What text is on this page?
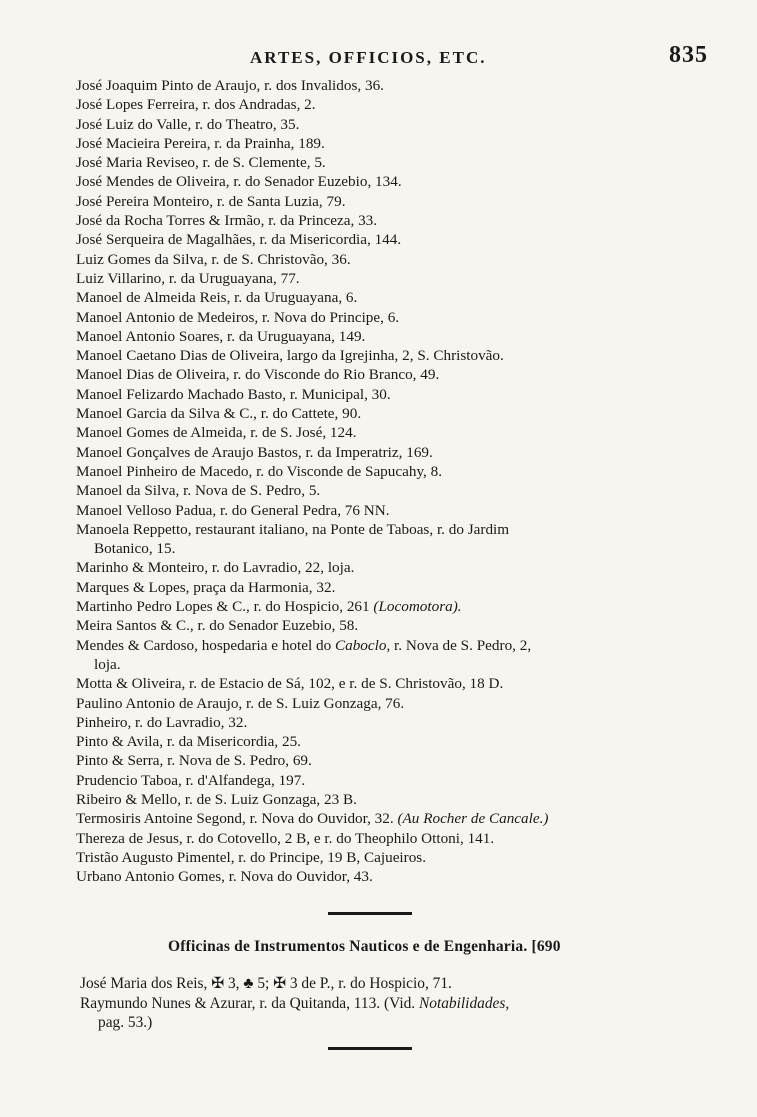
ARTES, OFFICIOS, ETC.	835
José Joaquim Pinto de Araujo, r. dos Invalidos, 36.
José Lopes Ferreira, r. dos Andradas, 2.
José Luiz do Valle, r. do Theatro, 35.
José Macieira Pereira, r. da Prainha, 189.
José Maria Reviseo, r. de S. Clemente, 5.
José Mendes de Oliveira, r. do Senador Euzebio, 134.
José Pereira Monteiro, r. de Santa Luzia, 79.
José da Rocha Torres & Irmão, r. da Princeza, 33.
José Serqueira de Magalhães, r. da Misericordia, 144.
Luiz Gomes da Silva, r. de S. Christovão, 36.
Luiz Villarino, r. da Uruguayana, 77.
Manoel de Almeida Reis, r. da Uruguayana, 6.
Manoel Antonio de Medeiros, r. Nova do Principe, 6.
Manoel Antonio Soares, r. da Uruguayana, 149.
Manoel Caetano Dias de Oliveira, largo da Igrejinha, 2, S. Christovão.
Manoel Dias de Oliveira, r. do Visconde do Rio Branco, 49.
Manoel Felizardo Machado Basto, r. Municipal, 30.
Manoel Garcia da Silva & C., r. do Cattete, 90.
Manoel Gomes de Almeida, r. de S. José, 124.
Manoel Gonçalves de Araujo Bastos, r. da Imperatriz, 169.
Manoel Pinheiro de Macedo, r. do Visconde de Sapucahy, 8.
Manoel da Silva, r. Nova de S. Pedro, 5.
Manoel Velloso Padua, r. do General Pedra, 76 NN.
Manoela Reppetto, restaurant italiano, na Ponte de Taboas, r. do Jardim
Botanico, 15.
Marinho & Monteiro, r. do Lavradio, 22, loja.
Marques & Lopes, praça da Harmonia, 32.
Martinho Pedro Lopes & C., r. do Hospicio, 261 (Locomotora).
Meira Santos & C., r. do Senador Euzebio, 58.
Mendes & Cardoso, hospedaria e hotel do Caboclo, r. Nova de S. Pedro, 2,
loja.
Motta & Oliveira, r. de Estacio de Sá, 102, e r. de S. Christovão, 18 D.
Paulino Antonio de Araujo, r. de S. Luiz Gonzaga, 76.
Pinheiro, r. do Lavradio, 32.
Pinto & Avila, r. da Misericordia, 25.
Pinto & Serra, r. Nova de S. Pedro, 69.
Prudencio Taboa, r. d'Alfandega, 197.
Ribeiro & Mello, r. de S. Luiz Gonzaga, 23 B.
Termosiris Antoine Segond, r. Nova do Ouvidor, 32. (Au Rocher de Cancale.)
Thereza de Jesus, r. do Cotovello, 2 B, e r. do Theophilo Ottoni, 141.
Tristão Augusto Pimentel, r. do Principe, 19 B, Cajueiros.
Urbano Antonio Gomes, r. Nova do Ouvidor, 43.
Officinas de Instrumentos Nauticos e de Engenharia. [690
José Maria dos Reis, ✠ 3, ♣ 5; ✠ 3 de P., r. do Hospicio, 71.
Raymundo Nunes & Azurar, r. da Quitanda, 113. (Vid. Notabilidades,
pag. 53.)
